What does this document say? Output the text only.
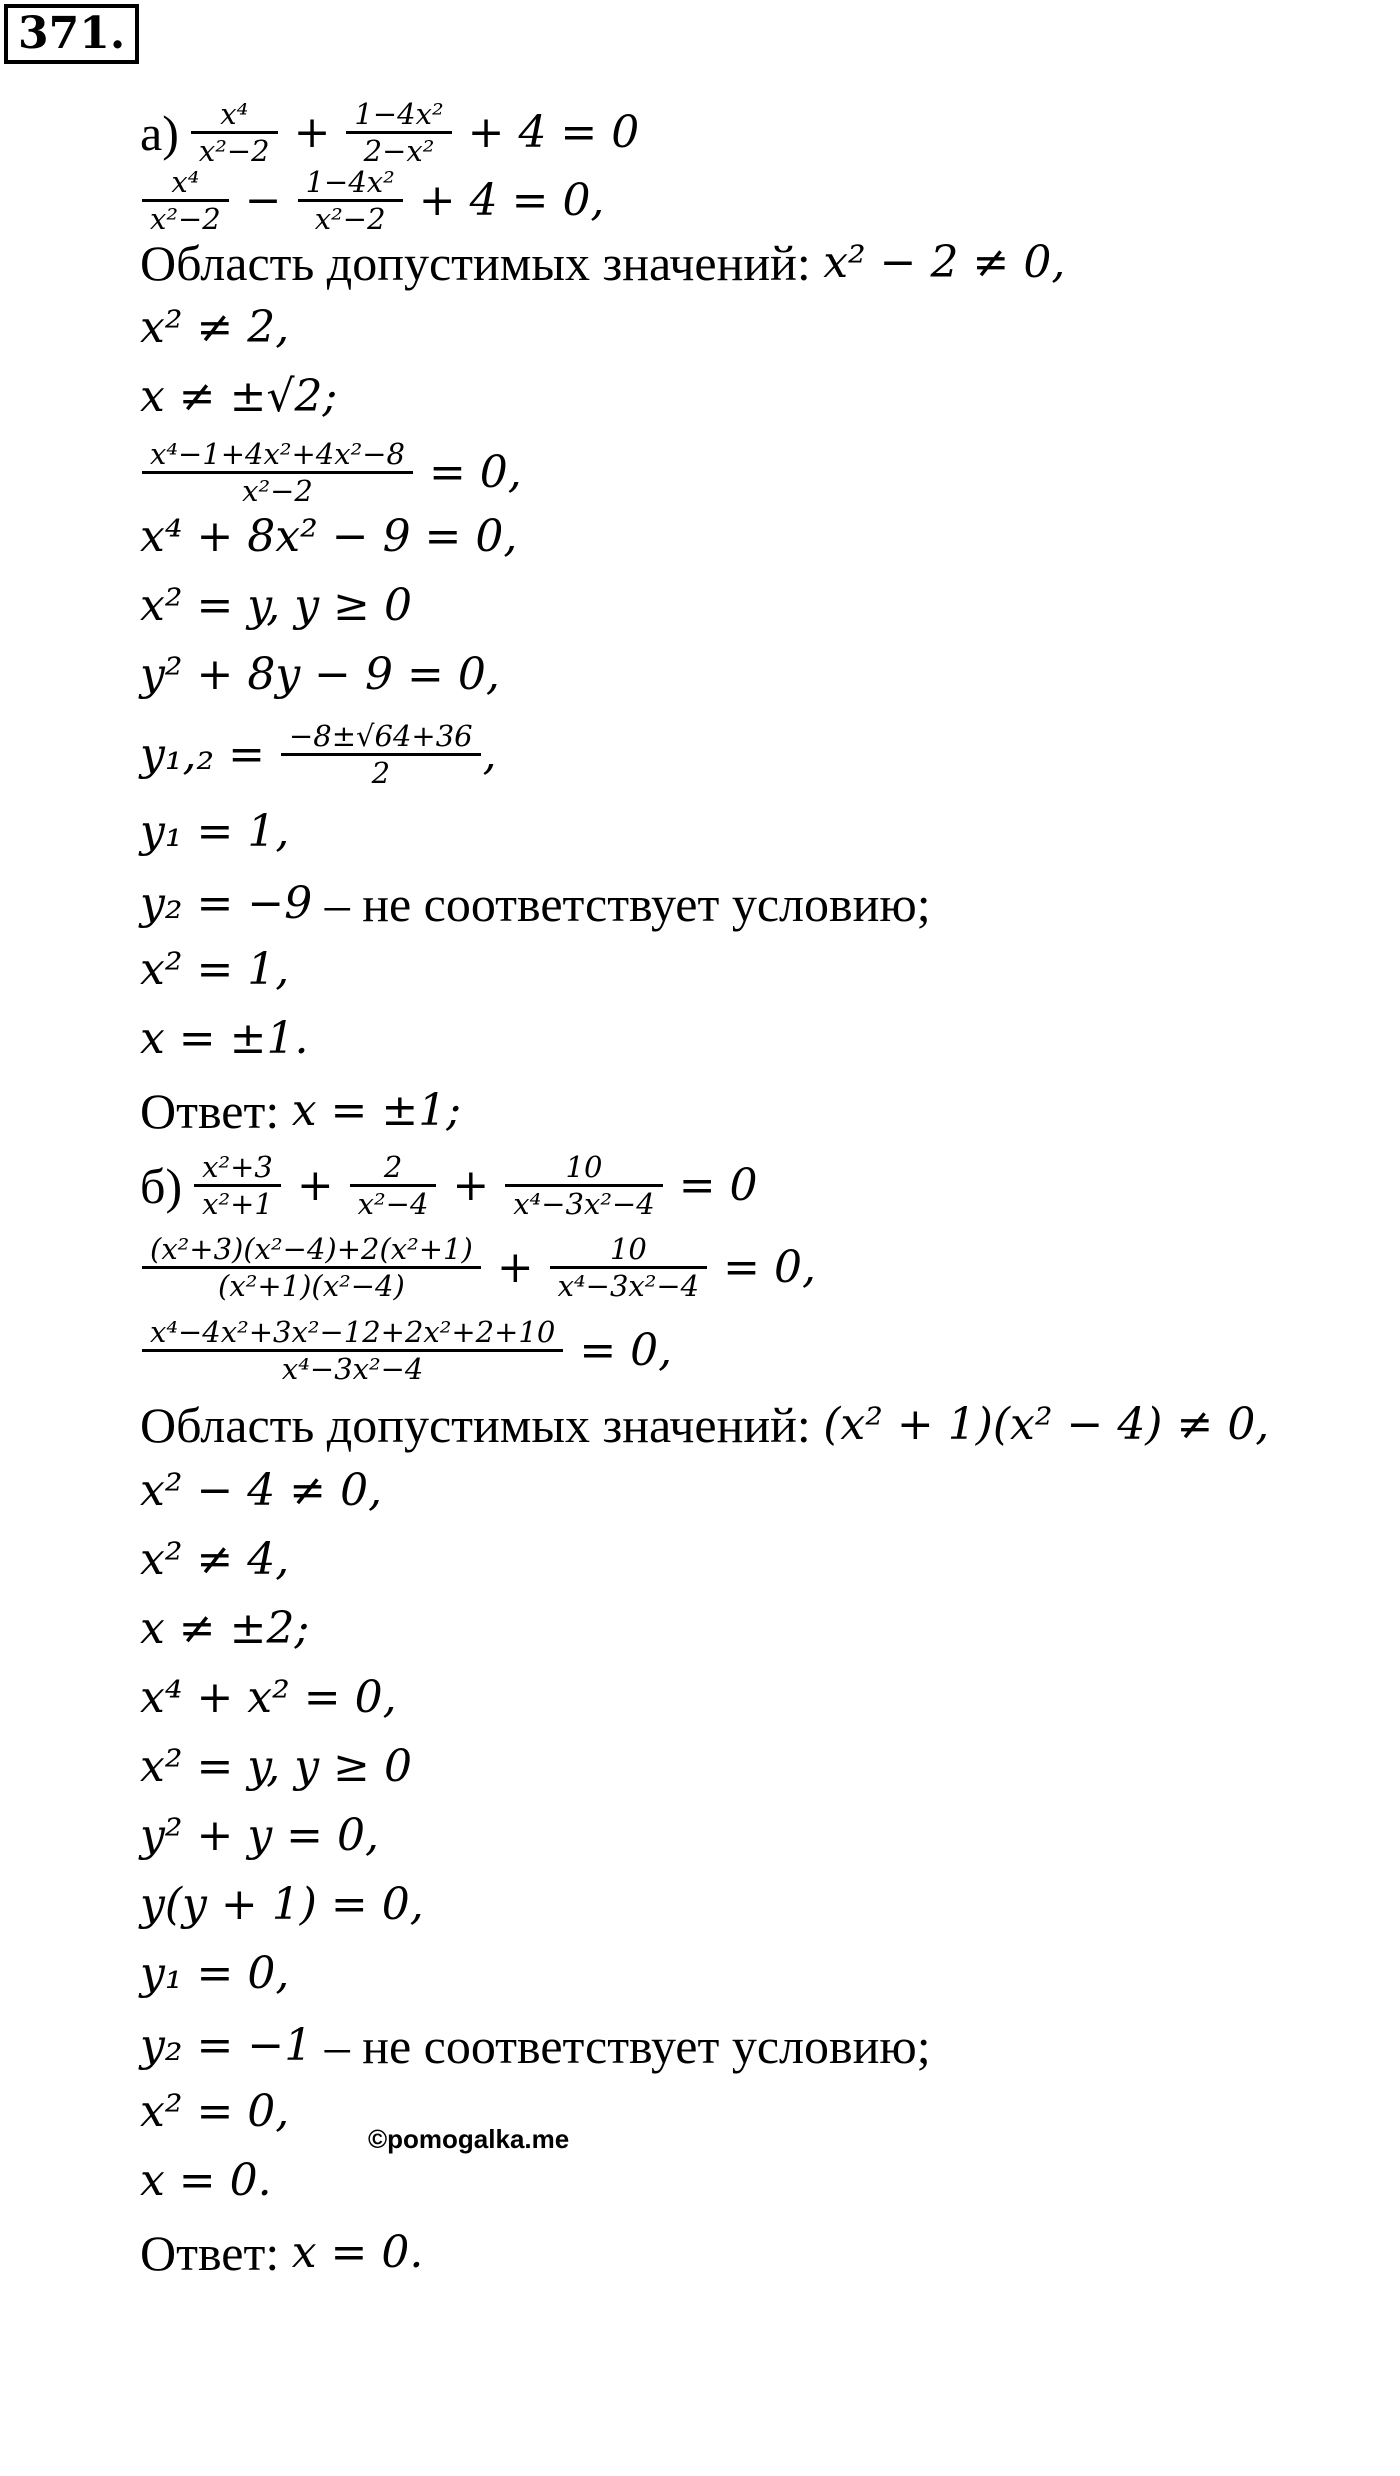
371.
$а) \frac{\text{x⁴}}{\text{x²−2}} + \frac{\text{1−4x²}}{\text{2−x²}} + 4 = 0$
$\frac{\text{x⁴}}{\text{x²−2}} - \frac{\text{1−4x²}}{\text{x²−2}} + 4 = 0$,
Область допустимых значений: x² − 2 ≠ 0,
x² ≠ 2,
x ≠ ±√2;
$\frac{\text{x⁴−1+4x²+4x²−8}}{\text{x²−2}} = 0$,
x⁴ + 8x² − 9 = 0,
x² = y, y ≥ 0
y² + 8y − 9 = 0,
$y_1,_2 = \frac{-8\pm√64+36}{2}$ ,
y₁ = 1,
y₂ = −9 – не соответствует условию;
x² = 1,
x = ±1.
Ответ: x = ±1;
$б) \frac{\text{x²+3}}{\text{x²+1}} + \frac{2}{\text{x²−4}} + \frac{10}{\text{x⁴−3x²−4}} = 0$
$\frac{\text{(x²+3)(x²−4)+2(x²+1)}}{\text{(x²+1)(x²−4)}} + \frac{10}{\text{x⁴−3x²−4}} = 0$,
$\frac{\text{x⁴−4x²+3x²−12+2x²+2+10}}{\text{x⁴−3x²−4}} = 0$,
Область допустимых значений: (x² + 1)(x² − 4) ≠ 0,
x² − 4 ≠ 0,
x² ≠ 4,
x ≠ ±2;
x⁴ + x² = 0,
x² = y, y ≥ 0
y² + y = 0,
y(y + 1) = 0,
y₁ = 0,
y₂ = −1 – не соответствует условию;
x² = 0,
x = 0.
Ответ: x = 0.
©pomogalka.me
